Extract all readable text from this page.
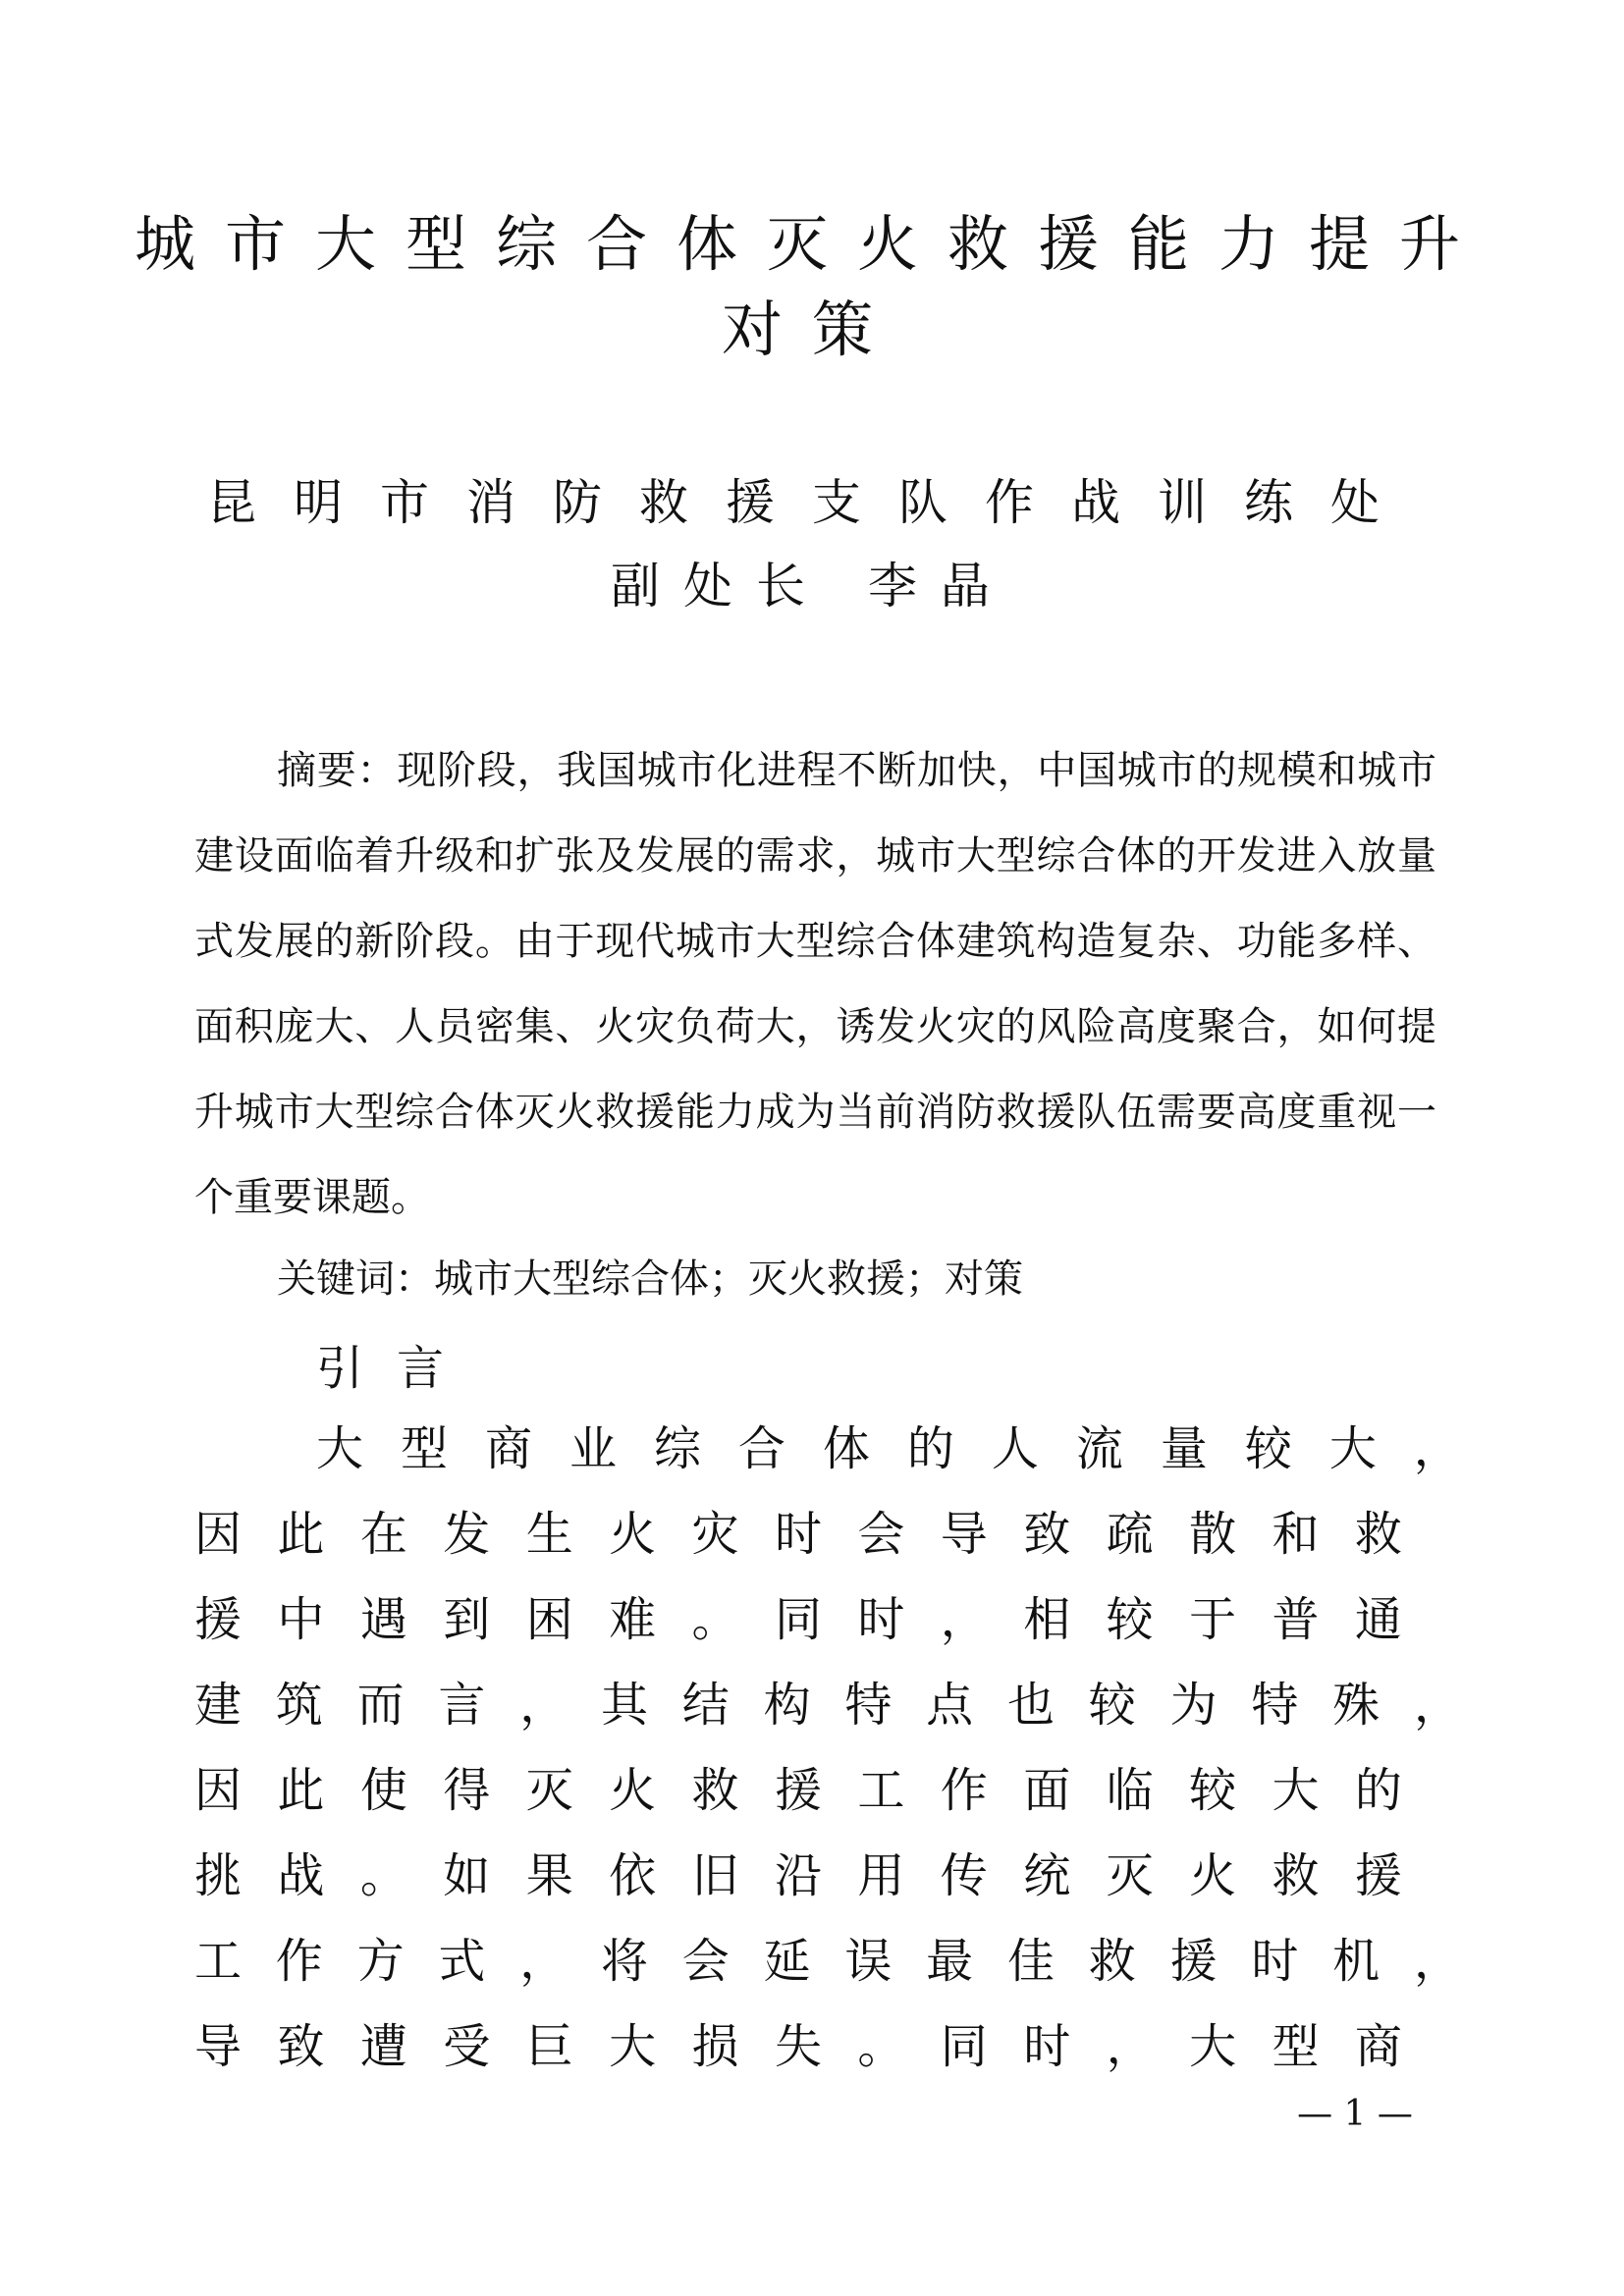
城市大型综合体灭火救援能力提升
对策
昆明市消防救援支队作战训练处
副处长 李晶
摘要：现阶段，我国城市化进程不断加快，中国城市的规模和城市建设面临着升级和扩张及发展的需求，城市大型综合体的开发进入放量式发展的新阶段。由于现代城市大型综合体建筑构造复杂、功能多样、面积庞大、人员密集、火灾负荷大，诱发火灾的风险高度聚合，如何提升城市大型综合体灭火救援能力成为当前消防救援队伍需要高度重视一个重要课题。
关键词：城市大型综合体；灭火救援；对策
引言
大 型 商 业 综 合 体 的 人 流 量 较 大 ，
因 此 在 发 生 火 灾 时 会 导 致 疏 散 和 救
援 中 遇 到 困 难 。 同 时 ， 相 较 于 普 通
建 筑 而 言 ， 其 结 构 特 点 也 较 为 特 殊 ，
因 此 使 得 灭 火 救 援 工 作 面 临 较 大 的
挑 战 。 如 果 依 旧 沿 用 传 统 灭 火 救 援
工 作 方 式 ， 将 会 延 误 最 佳 救 援 时 机 ，
导 致 遭 受 巨 大 损 失 。 同 时 ， 大 型 商
— 1 —
